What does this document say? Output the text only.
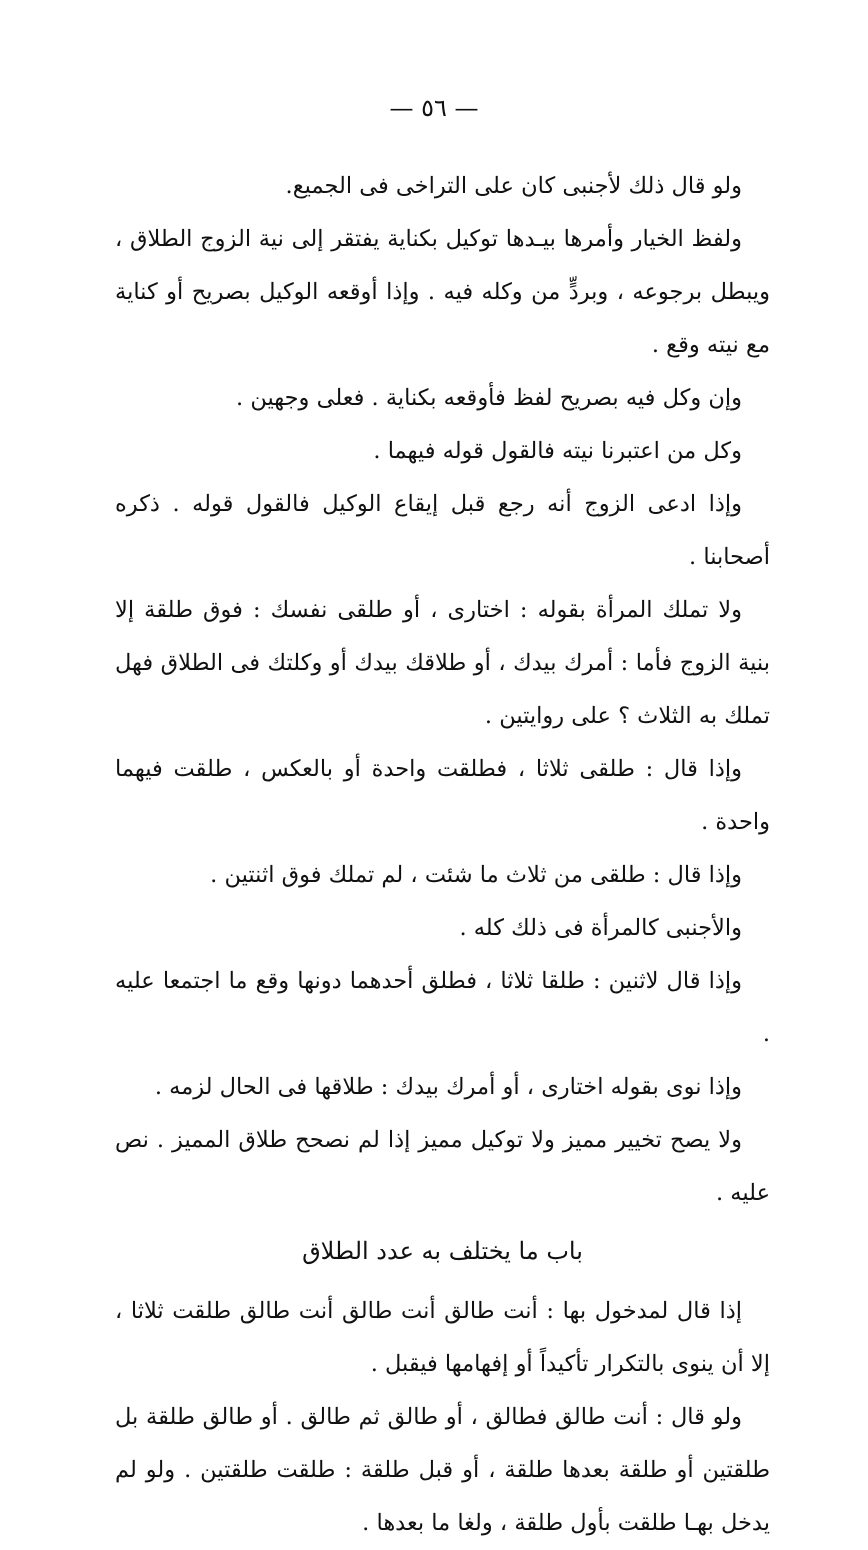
— ٥٦ —

ولو قال ذلك لأجنبى كان على التراخى فى الجميع.

ولفظ الخيار وأمرها بيـدها توكيل بكناية يفتقر إلى نية الزوج الطلاق ، ويبطل برجوعه ، وبردٍّ من وكله فيه . وإذا أوقعه الوكيل بصريح أو كناية مع نيته وقع .

وإن وكل فيه بصريح لفظ فأوقعه بكناية . فعلى وجهين .

وكل من اعتبرنا نيته فالقول قوله فيهما .

وإذا ادعى الزوج أنه رجع قبل إيقاع الوكيل فالقول قوله . ذكره أصحابنا .

ولا تملك المرأة بقوله : اختارى ، أو طلقى نفسك : فوق طلقة إلا بنية الزوج فأما : أمرك بيدك ، أو طلاقك بيدك أو وكلتك فى الطلاق فهل تملك به الثلاث ؟ على روايتين .

وإذا قال : طلقى ثلاثا ، فطلقت واحدة أو بالعكس ، طلقت فيهما واحدة .

وإذا قال : طلقى من ثلاث ما شئت ، لم تملك فوق اثنتين .

والأجنبى كالمرأة فى ذلك كله .

وإذا قال لاثنين : طلقا ثلاثا ، فطلق أحدهما دونها وقع ما اجتمعا عليه .

وإذا نوى بقوله اختارى ، أو أمرك بيدك : طلاقها فى الحال لزمه .

ولا يصح تخيير مميز ولا توكيل مميز إذا لم نصحح طلاق المميز . نص عليه .

باب ما يختلف به عدد الطلاق

إذا قال لمدخول بها : أنت طالق أنت طالق أنت طالق طلقت ثلاثا ، إلا أن ينوى بالتكرار تأكيداً أو إفهامها فيقبل .

ولو قال : أنت طالق فطالق ، أو طالق ثم طالق . أو طالق طلقة بل طلقتين أو طلقة بعدها طلقة ، أو قبل طلقة : طلقت طلقتين . ولو لم يدخل بهـا طلقت بأول طلقة ، ولغا ما بعدها .
